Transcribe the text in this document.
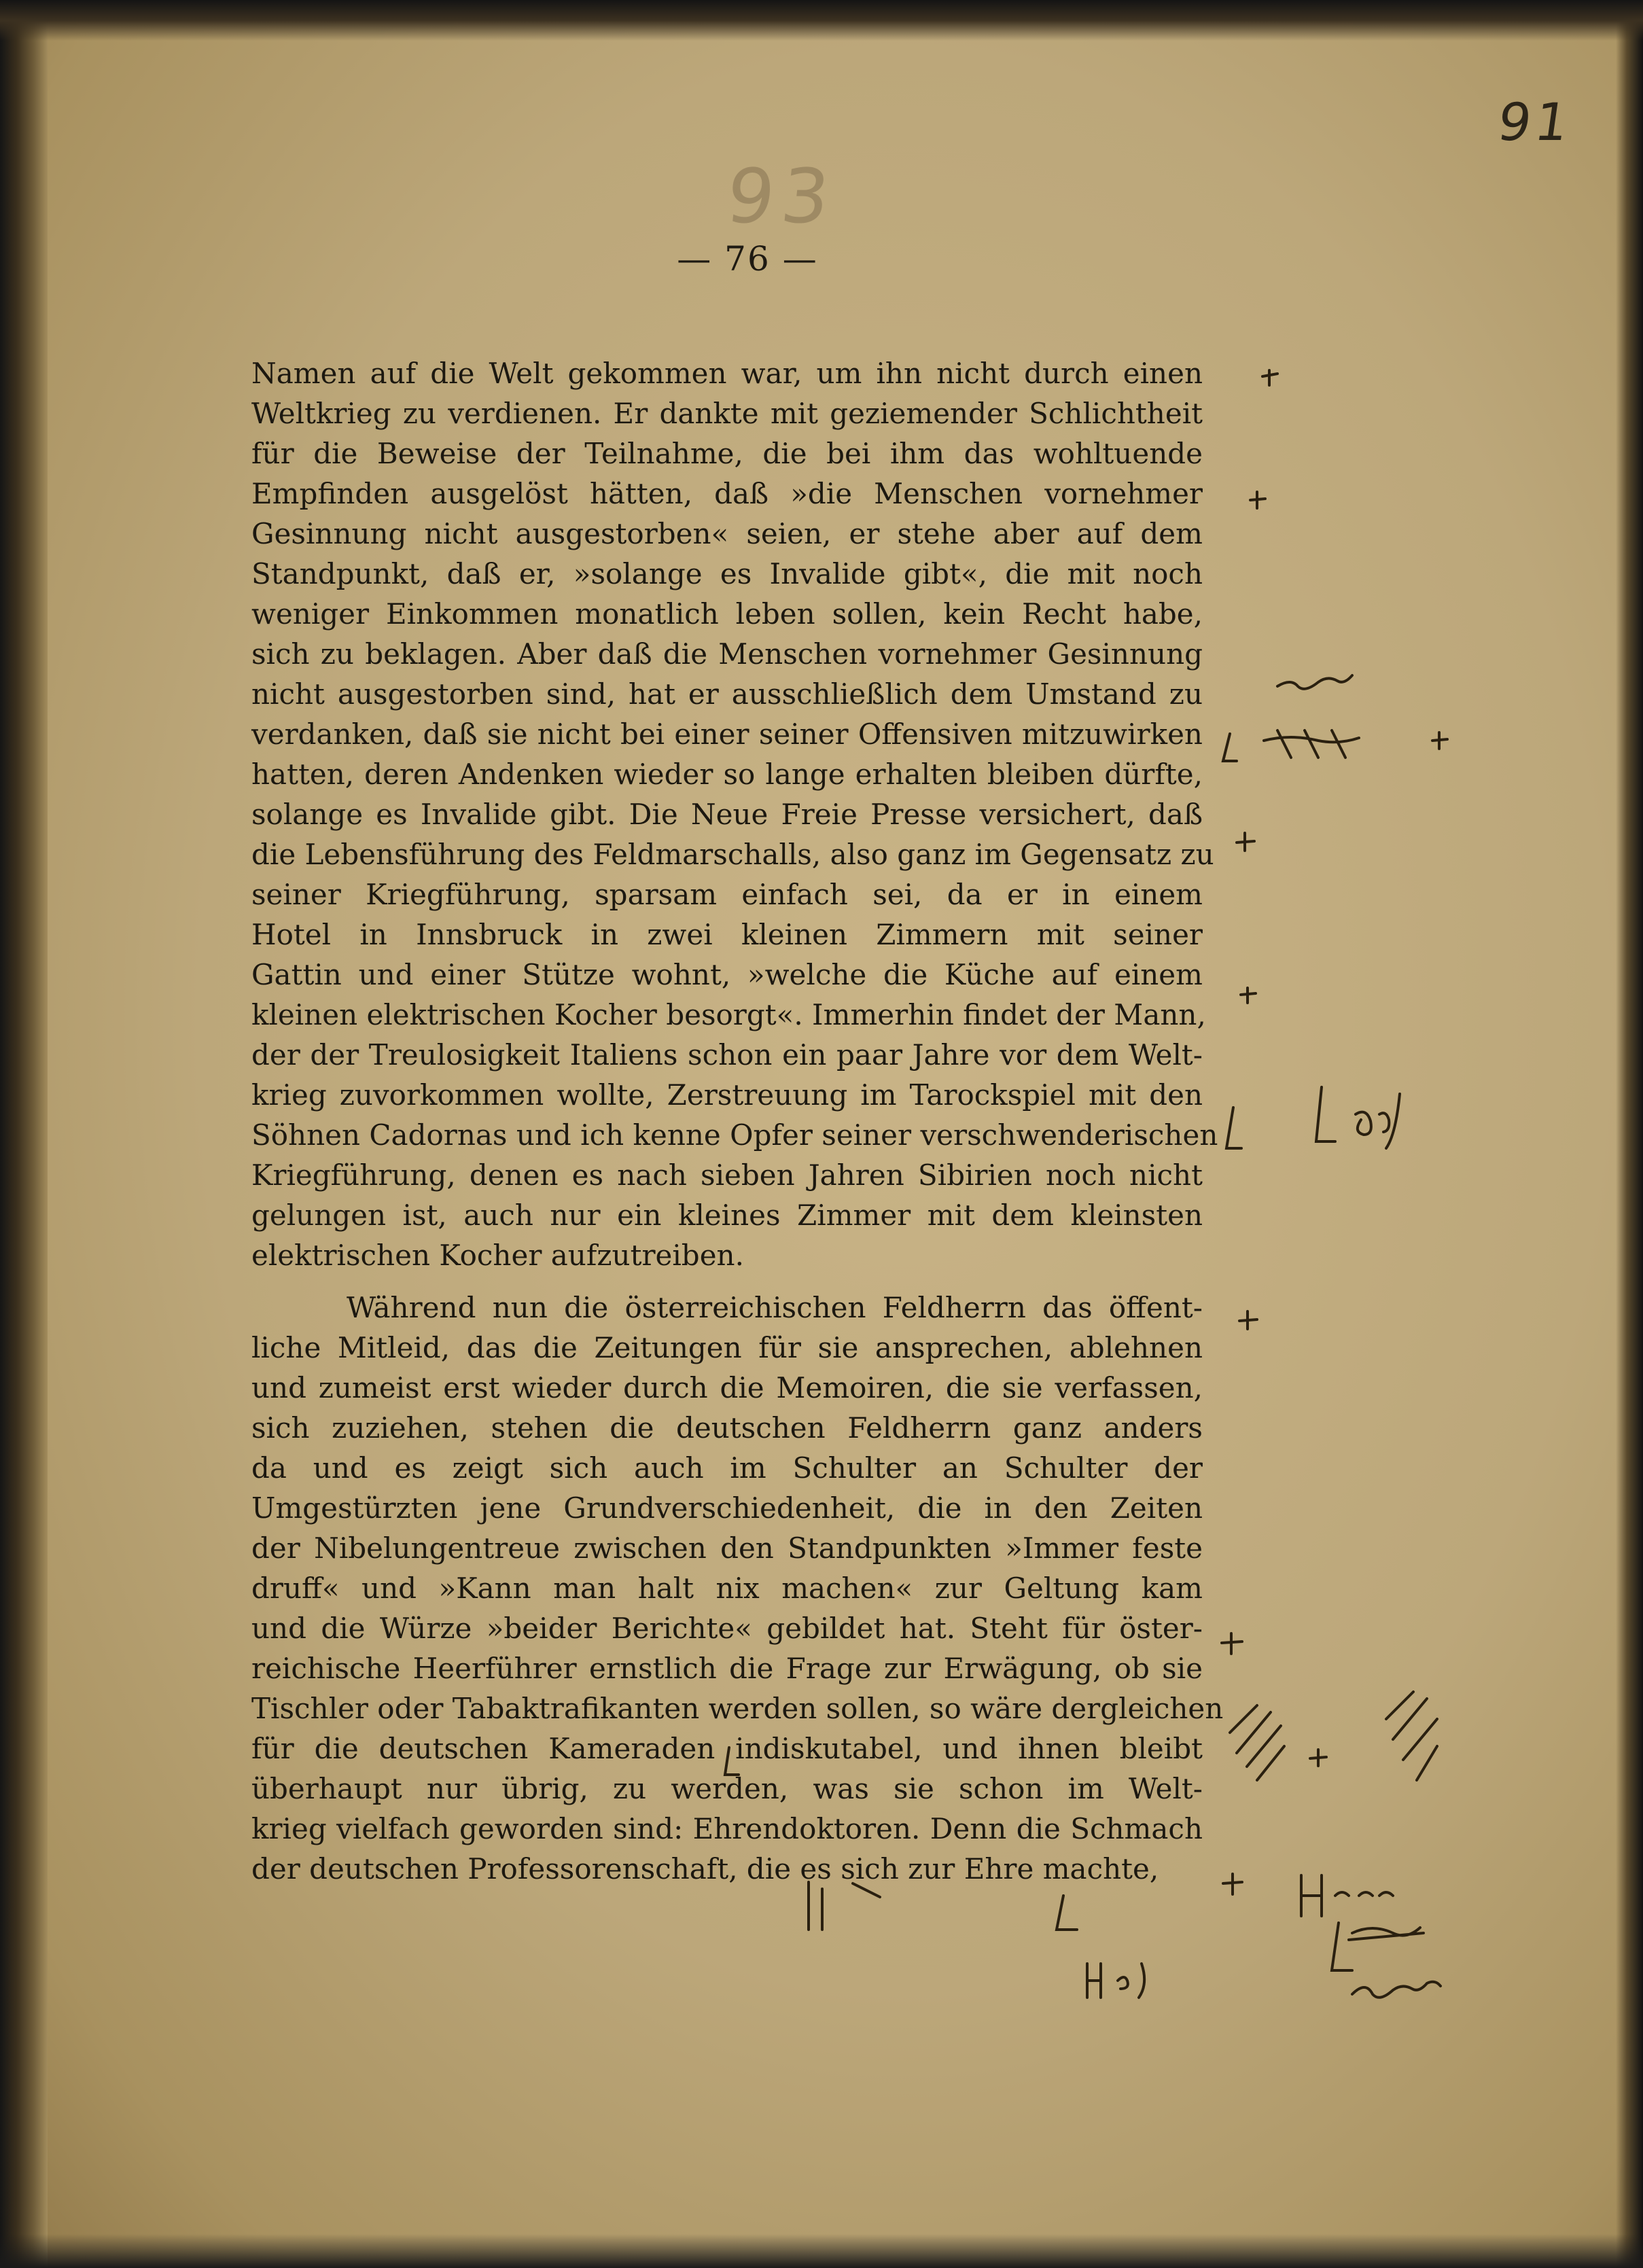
91
93
— 76 —
Namen auf die Welt gekommen war, um ihn nicht durch einen
Weltkrieg zu verdienen. Er dankte mit geziemender Schlichtheit
für die Beweise der Teilnahme, die bei ihm das wohltuende
Empfinden ausgelöst hätten, daß »die Menschen vornehmer
Gesinnung nicht ausgestorben« seien, er stehe aber auf dem
Standpunkt, daß er, »solange es Invalide gibt«, die mit noch
weniger Einkommen monatlich leben sollen, kein Recht habe,
sich zu beklagen. Aber daß die Menschen vornehmer Gesinnung
nicht ausgestorben sind, hat er ausschließlich dem Umstand zu
verdanken, daß sie nicht bei einer seiner Offensiven mitzuwirken
hatten, deren Andenken wieder so lange erhalten bleiben dürfte,
solange es Invalide gibt. Die Neue Freie Presse versichert, daß
die Lebensführung des Feldmarschalls, also ganz im Gegensatz zu
seiner Kriegführung, sparsam einfach sei, da er in einem
Hotel in Innsbruck in zwei kleinen Zimmern mit seiner
Gattin und einer Stütze wohnt, »welche die Küche auf einem
kleinen elektrischen Kocher besorgt«. Immerhin findet der Mann,
der der Treulosigkeit Italiens schon ein paar Jahre vor dem Welt-
krieg zuvorkommen wollte, Zerstreuung im Tarockspiel mit den
Söhnen Cadornas und ich kenne Opfer seiner verschwenderischen
Kriegführung, denen es nach sieben Jahren Sibirien noch nicht
gelungen ist, auch nur ein kleines Zimmer mit dem kleinsten
elektrischen Kocher aufzutreiben.
Während nun die österreichischen Feldherrn das öffent-
liche Mitleid, das die Zeitungen für sie ansprechen, ablehnen
und zumeist erst wieder durch die Memoiren, die sie verfassen,
sich zuziehen, stehen die deutschen Feldherrn ganz anders
da und es zeigt sich auch im Schulter an Schulter der
Umgestürzten jene Grundverschiedenheit, die in den Zeiten
der Nibelungentreue zwischen den Standpunkten »Immer feste
druff« und »Kann man halt nix machen« zur Geltung kam
und die Würze »beider Berichte« gebildet hat. Steht für öster-
reichische Heerführer ernstlich die Frage zur Erwägung, ob sie
Tischler oder Tabaktrafikanten werden sollen, so wäre dergleichen
für die deutschen Kameraden indiskutabel, und ihnen bleibt
überhaupt nur übrig, zu werden, was sie schon im Welt-
krieg vielfach geworden sind: Ehrendoktoren. Denn die Schmach
der deutschen Professorenschaft, die es sich zur Ehre machte,
